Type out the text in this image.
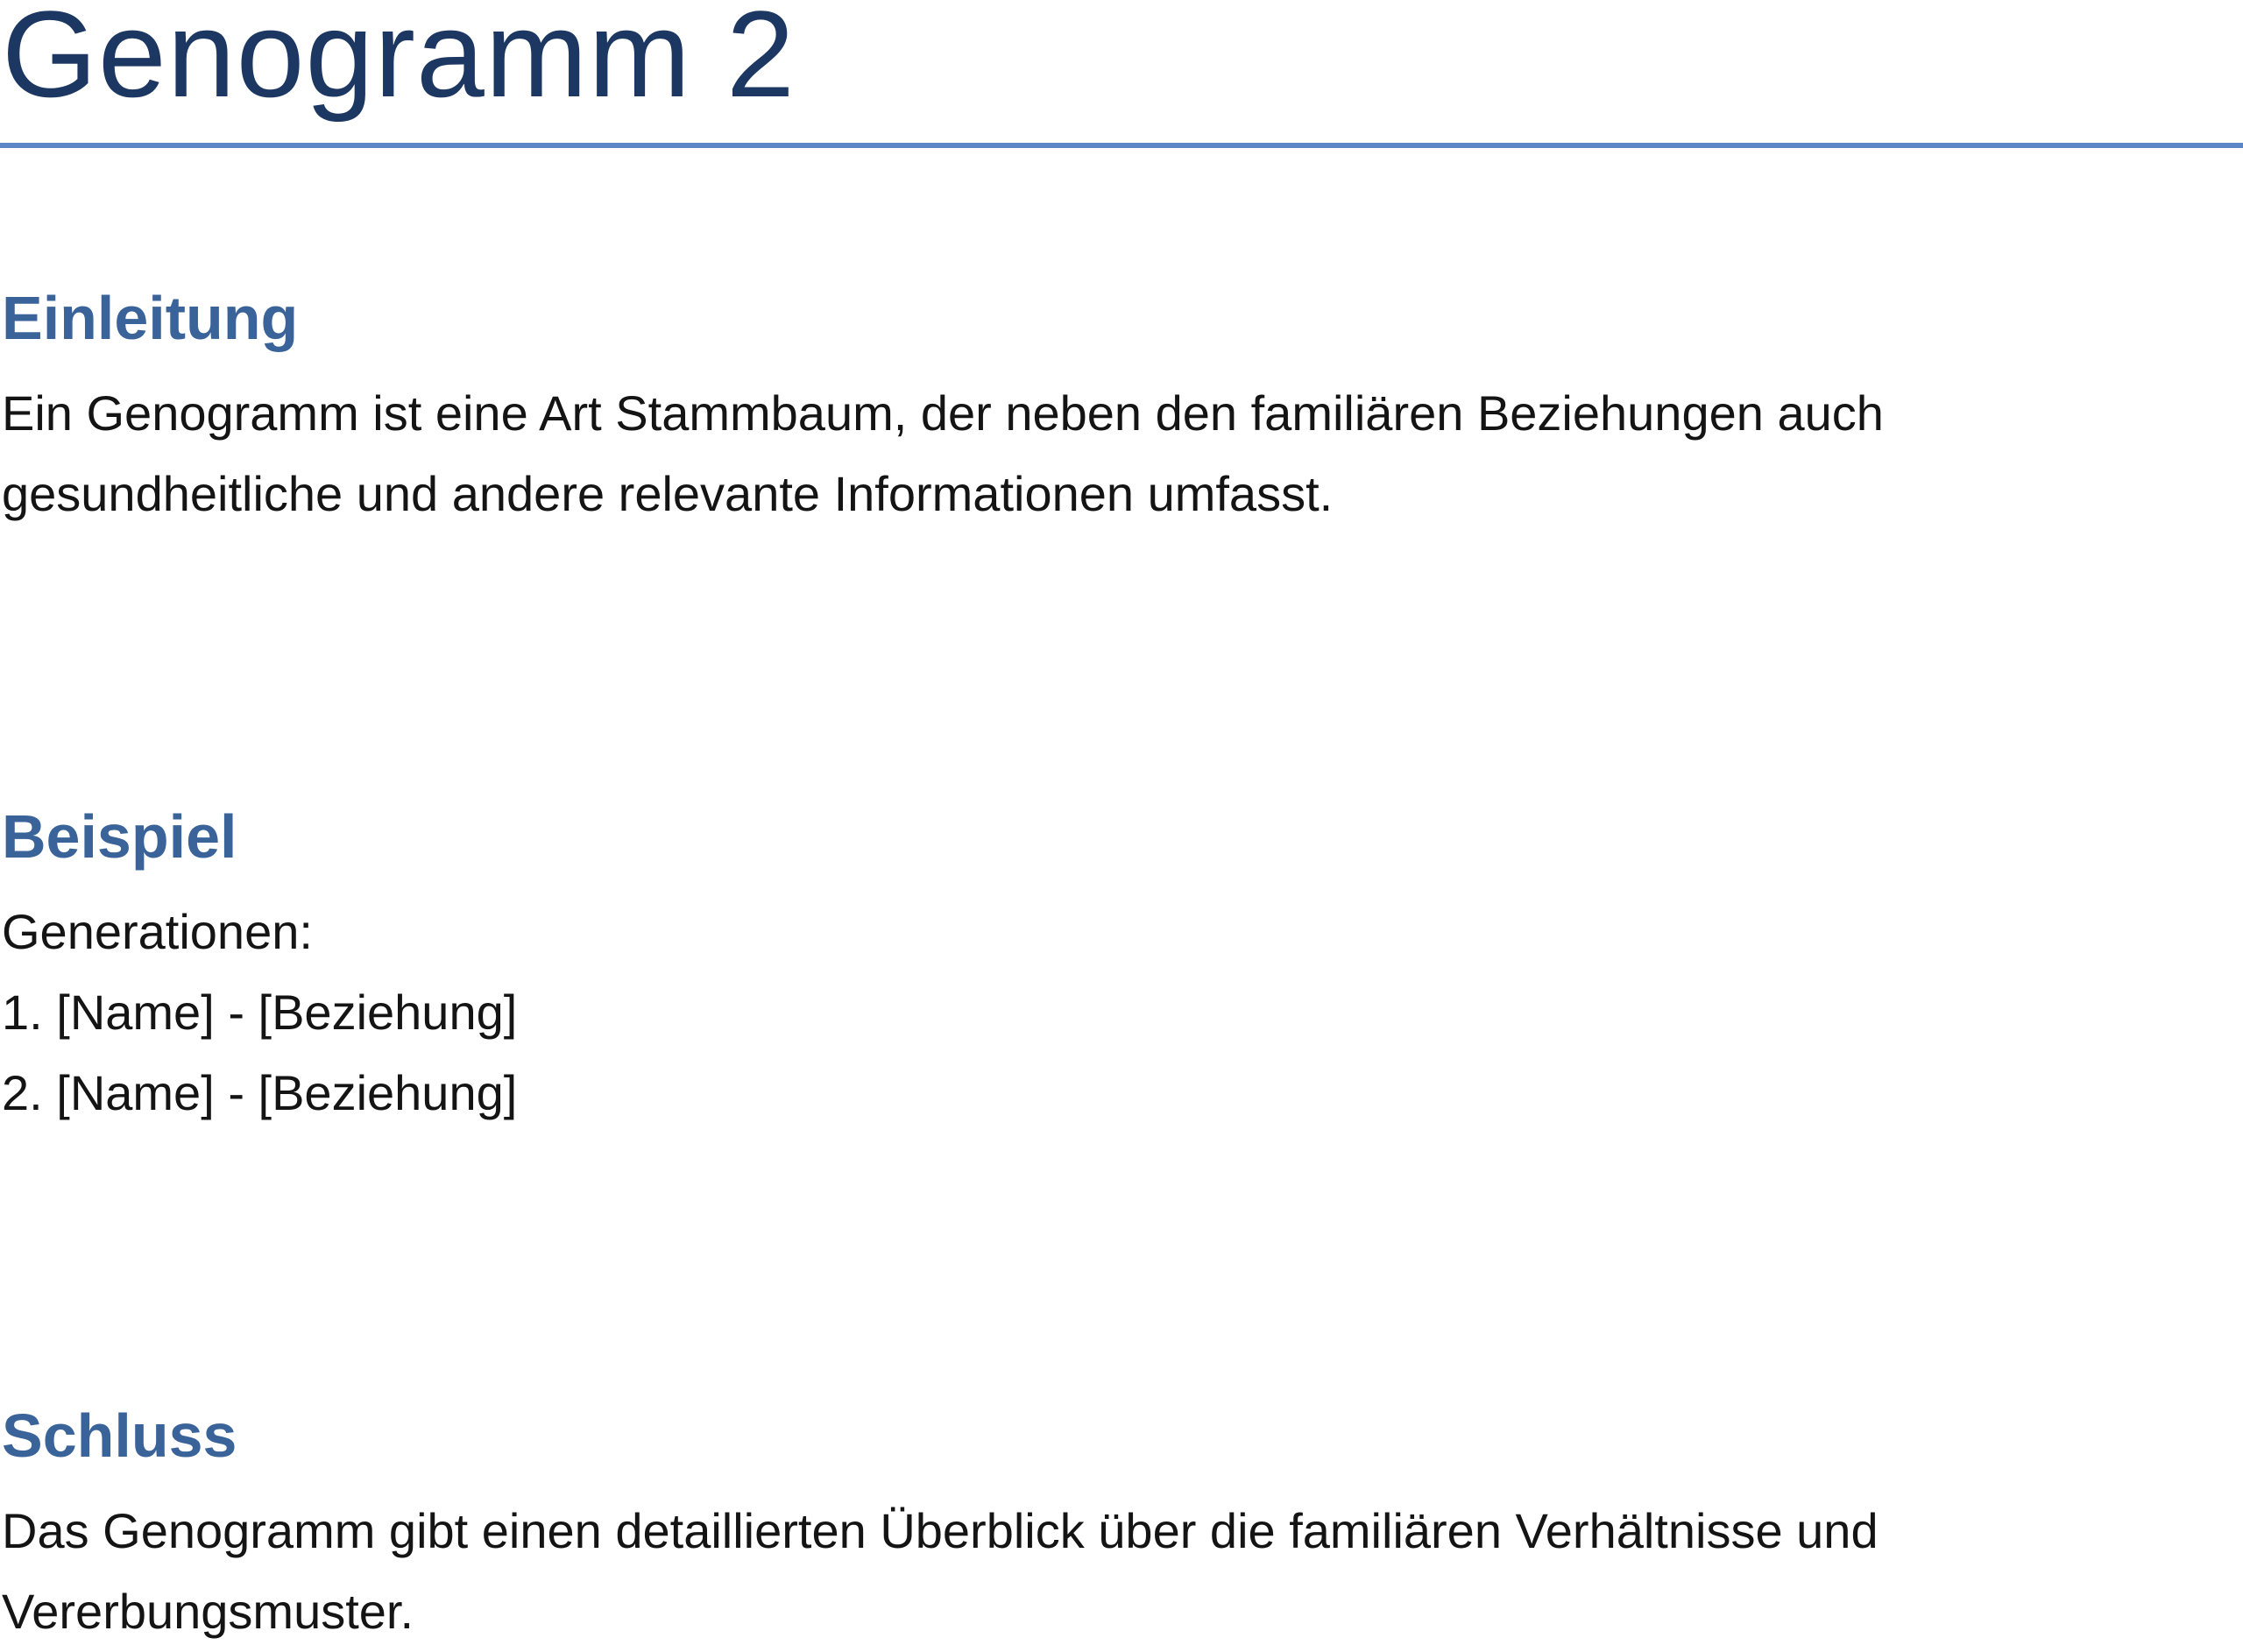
Genogramm 2
Einleitung

Ein Genogramm ist eine Art Stammbaum, der neben den familiären Beziehungen auch
gesundheitliche und andere relevante Informationen umfasst.

Beispiel

Generationen:
1. [Name] - [Beziehung]
2. [Name] - [Beziehung]

Schluss

Das Genogramm gibt einen detaillierten Überblick über die familiären Verhältnisse und
Vererbungsmuster.
